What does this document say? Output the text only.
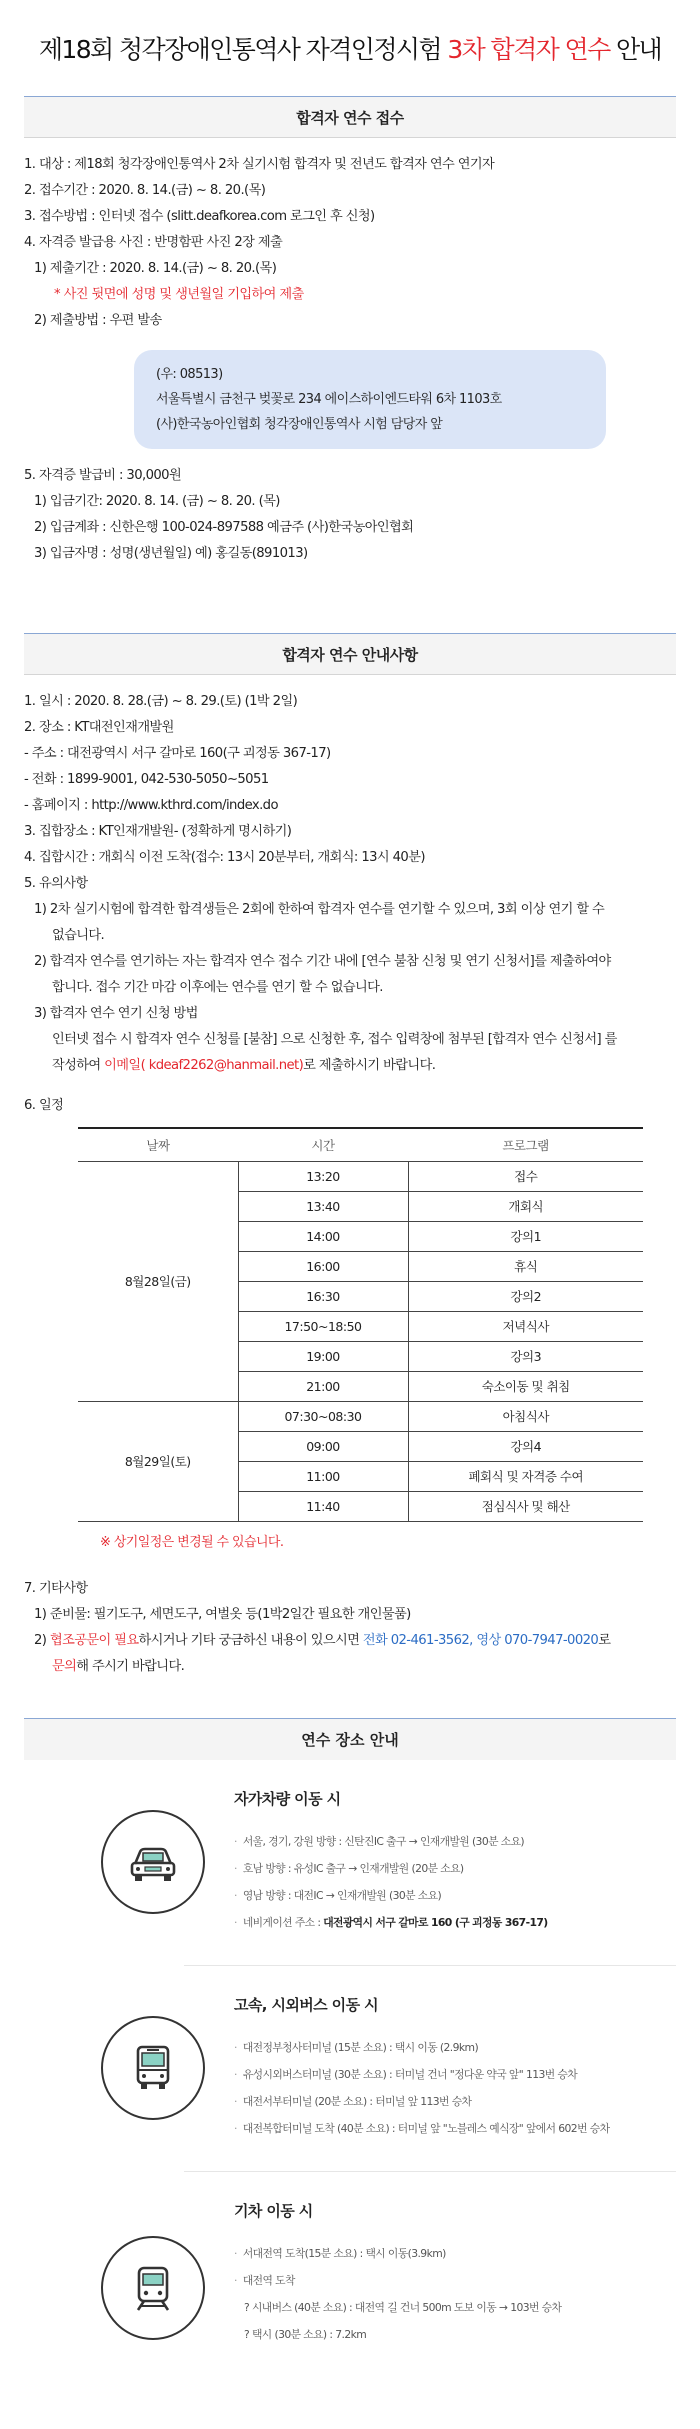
제18회 청각장애인통역사 자격인정시험 3차 합격자 연수 안내
합격자 연수 접수
1. 대상 : 제18회 청각장애인통역사 2차 실기시험 합격자 및 전년도 합격자 연수 연기자
2. 접수기간 : 2020. 8. 14.(금) ~ 8. 20.(목)
3. 접수방법 : 인터넷 접수 (slitt.deafkorea.com 로그인 후 신청)
4. 자격증 발급용 사진 : 반명함판 사진 2장 제출
1) 제출기간 : 2020. 8. 14.(금) ~ 8. 20.(목)
* 사진 뒷면에 성명 및 생년월일 기입하여 제출
2) 제출방법 : 우편 발송
(우: 08513)
서울특별시 금천구 벚꽃로 234 에이스하이엔드타워 6차 1103호
(사)한국농아인협회 청각장애인통역사 시험 담당자 앞
5. 자격증 발급비 : 30,000원
1) 입금기간: 2020. 8. 14. (금) ~ 8. 20. (목)
2) 입금계좌 : 신한은행 100-024-897588 예금주 (사)한국농아인협회
3) 입금자명 : 성명(생년월일) 예) 홍길동(891013)
합격자 연수 안내사항
1. 일시 : 2020. 8. 28.(금) ~ 8. 29.(토) (1박 2일)
2. 장소 : KT대전인재개발원
- 주소 : 대전광역시 서구 갈마로 160(구 괴정동 367-17)
- 전화 : 1899-9001, 042-530-5050~5051
- 홈페이지 : http://www.kthrd.com/index.do
3. 집합장소 : KT인재개발원- (정확하게 명시하기)
4. 집합시간 : 개회식 이전 도착(접수: 13시 20분부터, 개회식: 13시 40분)
5. 유의사항
1) 2차 실기시험에 합격한 합격생들은 2회에 한하여 합격자 연수를 연기할 수 있으며, 3회 이상 연기 할 수
없습니다.
2) 합격자 연수를 연기하는 자는 합격자 연수 접수 기간 내에 [연수 불참 신청 및 연기 신청서]를 제출하여야
합니다. 접수 기간 마감 이후에는 연수를 연기 할 수 없습니다.
3) 합격자 연수 연기 신청 방법
인터넷 접수 시 합격자 연수 신청를 [불참] 으로 신청한 후, 접수 입력창에 첨부된 [합격자 연수 신청서] 를
작성하여 이메일( kdeaf2262@hanmail.net)로 제출하시기 바랍니다.
6. 일정
날짜	시간	프로그램
8월28일(금)	13:20	접수
	13:40	개회식
	14:00	강의1
	16:00	휴식
	16:30	강의2
	17:50~18:50	저녁식사
	19:00	강의3
	21:00	숙소이동 및 취침
8월29일(토)	07:30~08:30	아침식사
	09:00	강의4
	11:00	폐회식 및 자격증 수여
	11:40	점심식사 및 해산
※ 상기일정은 변경될 수 있습니다.
7. 기타사항
1) 준비물: 필기도구, 세면도구, 여벌옷 등(1박2일간 필요한 개인물품)
2) 협조공문이 필요하시거나 기타 궁금하신 내용이 있으시면 전화 02-461-3562, 영상 070-7947-0020로
문의해 주시기 바랍니다.
연수 장소 안내
자가차량 이동 시
· 서울, 경기, 강원 방향 : 신탄진IC 출구 → 인재개발원 (30분 소요)
· 호남 방향 : 유성IC 출구 → 인재개발원 (20분 소요)
· 영남 방향 : 대전IC → 인재개발원 (30분 소요)
· 네비게이션 주소 : 대전광역시 서구 갈마로 160 (구 괴정동 367-17)
고속, 시외버스 이동 시
· 대전정부청사터미널 (15분 소요) : 택시 이동 (2.9km)
· 유성시외버스터미널 (30분 소요) : 터미널 건너 "정다운 약국 앞" 113번 승차
· 대전서부터미널 (20분 소요) : 터미널 앞 113번 승차
· 대전복합터미널 도착 (40분 소요) : 터미널 앞 "노블레스 예식장" 앞에서 602번 승차
기차 이동 시
· 서대전역 도착(15분 소요) : 택시 이동(3.9km)
· 대전역 도착
? 시내버스 (40분 소요) : 대전역 길 건너 500m 도보 이동 → 103번 승차
? 택시 (30분 소요) : 7.2km
